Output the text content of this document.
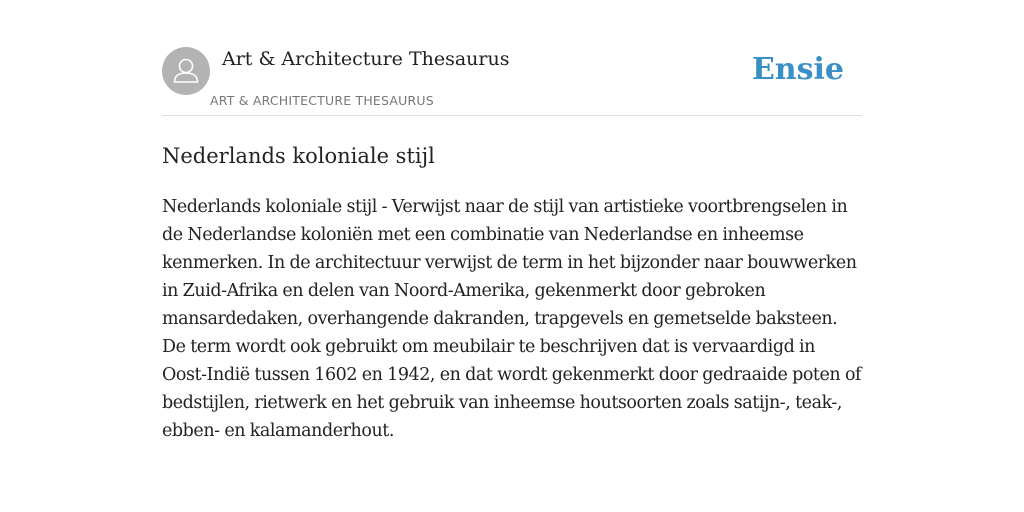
Art & Architecture Thesaurus
ART & ARCHITECTURE THESAURUS
Ensie
Nederlands koloniale stijl

Nederlands koloniale stijl - Verwijst naar de stijl van artistieke voortbrengselen in de Nederlandse koloniën met een combinatie van Nederlandse en inheemse kenmerken. In de architectuur verwijst de term in het bijzonder naar bouwwerken in Zuid-Afrika en delen van Noord-Amerika, gekenmerkt door gebroken mansardedaken, overhangende dakranden, trapgevels en gemetselde baksteen. De term wordt ook gebruikt om meubilair te beschrijven dat is vervaardigd in Oost-Indië tussen 1602 en 1942, en dat wordt gekenmerkt door gedraaide poten of bedstijlen, rietwerk en het gebruik van inheemse houtsoorten zoals satijn-, teak-, ebben- en kalamanderhout.
